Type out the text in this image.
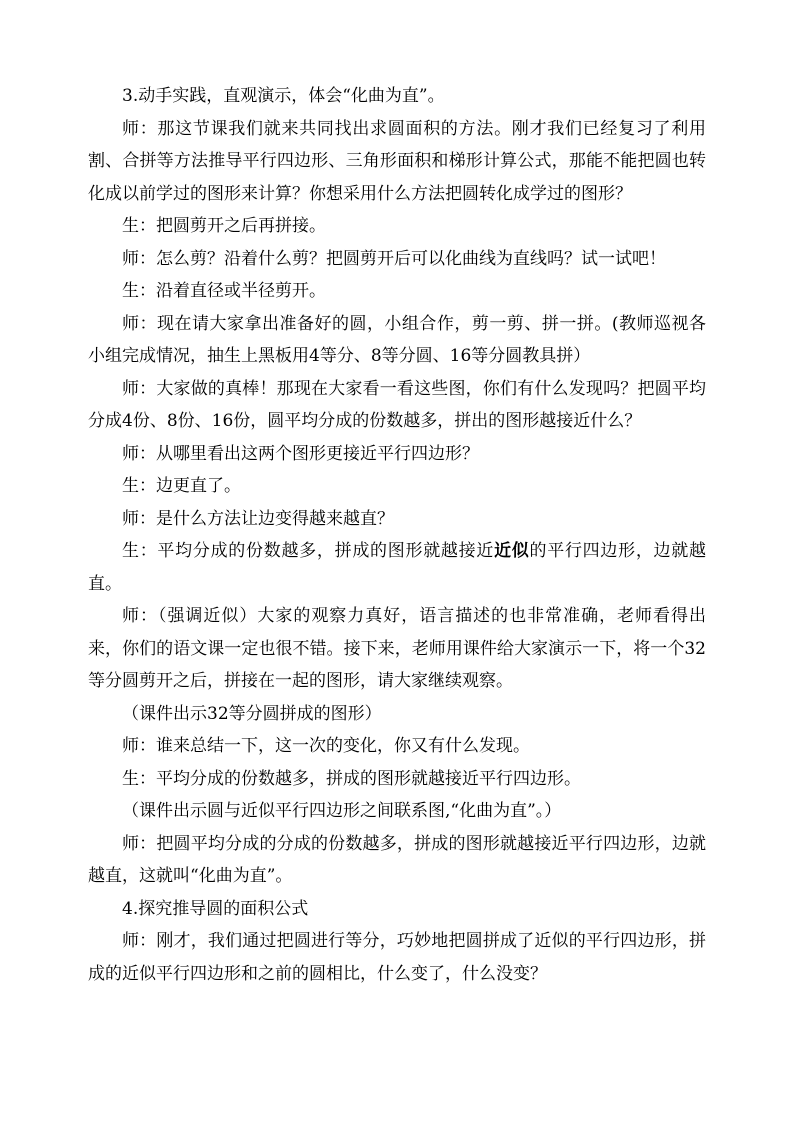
3.动手实践，直观演示，体会“化曲为直”。

师：那这节课我们就来共同找出求圆面积的方法。刚才我们已经复习了利用割、合拼等方法推导平行四边形、三角形面积和梯形计算公式，那能不能把圆也转化成以前学过的图形来计算？你想采用什么方法把圆转化成学过的图形？

生：把圆剪开之后再拼接。

师：怎么剪？沿着什么剪？把圆剪开后可以化曲线为直线吗？试一试吧！

生：沿着直径或半径剪开。

师：现在请大家拿出准备好的圆，小组合作，剪一剪、拼一拼。(教师巡视各小组完成情况，抽生上黑板用4等分、8等分圆、16等分圆教具拼）

师：大家做的真棒！那现在大家看一看这些图，你们有什么发现吗？把圆平均分成4份、8份、16份，圆平均分成的份数越多，拼出的图形越接近什么？

师：从哪里看出这两个图形更接近平行四边形？

生：边更直了。

师：是什么方法让边变得越来越直？

生：平均分成的份数越多，拼成的图形就越接近近似的平行四边形，边就越直。

师：（强调近似）大家的观察力真好，语言描述的也非常准确，老师看得出来，你们的语文课一定也很不错。接下来，老师用课件给大家演示一下，将一个32等分圆剪开之后，拼接在一起的图形，请大家继续观察。

（课件出示32等分圆拼成的图形）

师：谁来总结一下，这一次的变化，你又有什么发现。

生：平均分成的份数越多，拼成的图形就越接近平行四边形。

（课件出示圆与近似平行四边形之间联系图,“化曲为直”。）

师：把圆平均分成的分成的份数越多，拼成的图形就越接近平行四边形，边就越直，这就叫“化曲为直”。

4.探究推导圆的面积公式

师：刚才，我们通过把圆进行等分，巧妙地把圆拼成了近似的平行四边形，拼成的近似平行四边形和之前的圆相比，什么变了，什么没变？
